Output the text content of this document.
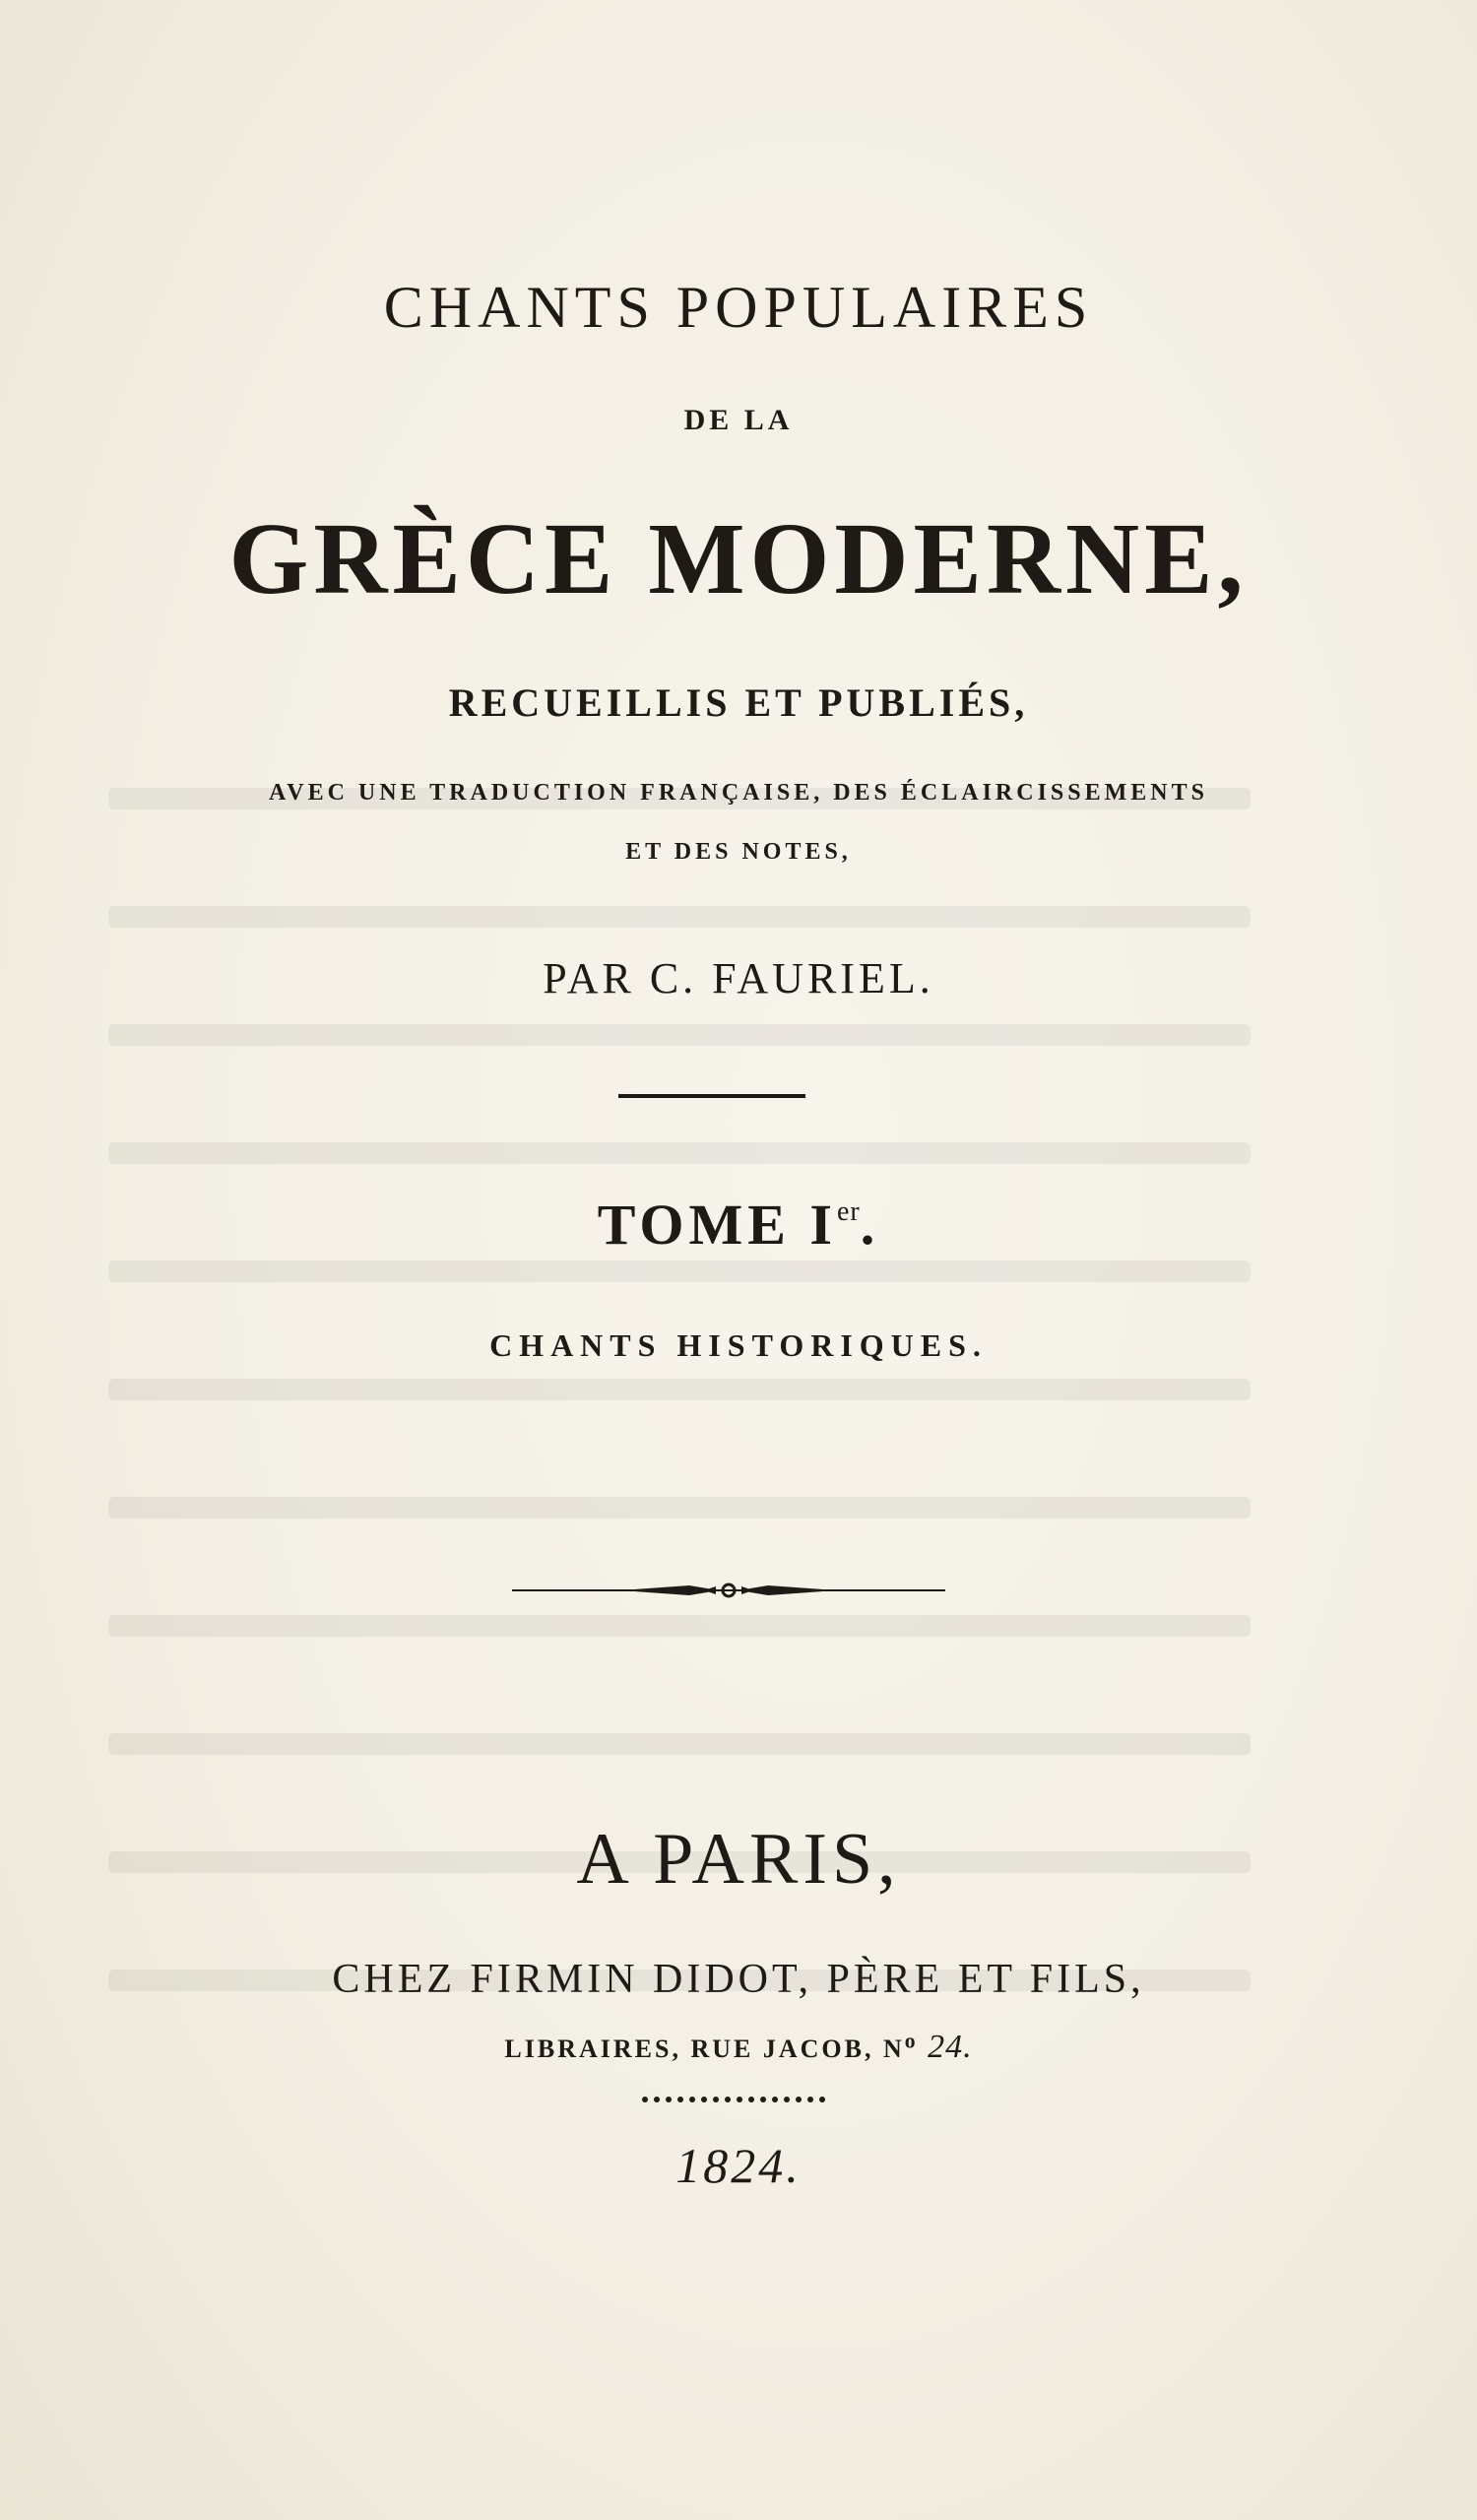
CHANTS POPULAIRES
DE LA
GRÈCE MODERNE,
RECUEILLIS ET PUBLIÉS,
AVEC UNE TRADUCTION FRANÇAISE, DES ÉCLAIRCISSEMENTS
ET DES NOTES,
PAR C. FAURIEL.
TOME Ier.
CHANTS HISTORIQUES.
A PARIS,
CHEZ FIRMIN DIDOT, PÈRE ET FILS,
LIBRAIRES, RUE JACOB, $N^o$ 24.
1824.
